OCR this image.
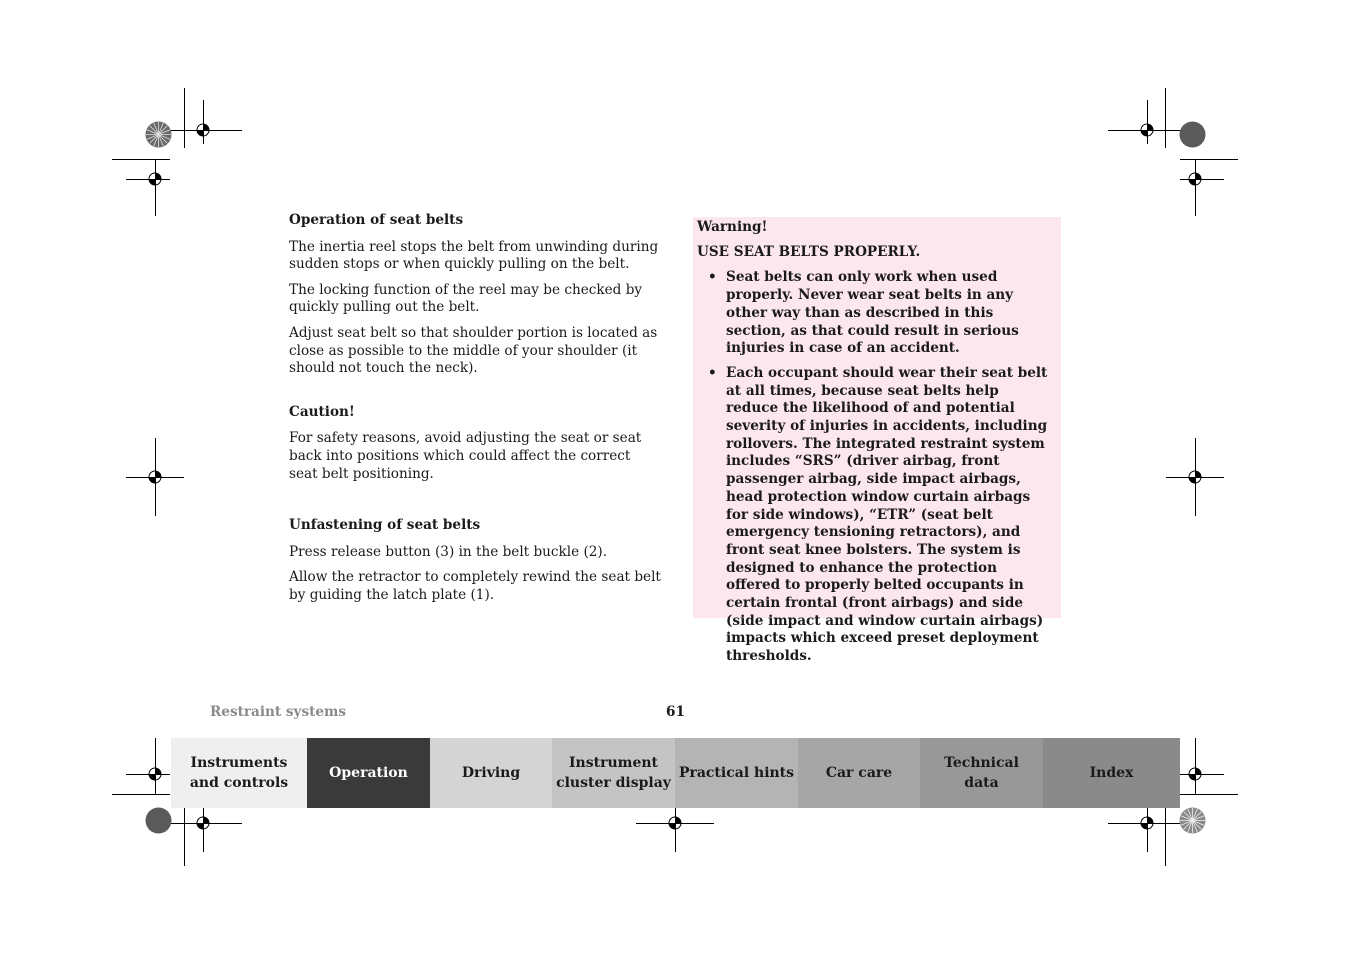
Operation of seat belts

The inertia reel stops the belt from unwinding during sudden stops or when quickly pulling on the belt.

The locking function of the reel may be checked by quickly pulling out the belt.

Adjust seat belt so that shoulder portion is located as close as possible to the middle of your shoulder (it should not touch the neck).

Caution!

For safety reasons, avoid adjusting the seat or seat back into positions which could affect the correct seat belt positioning.

Unfastening of seat belts

Press release button (3) in the belt buckle (2).

Allow the retractor to completely rewind the seat belt by guiding the latch plate (1).

Warning!
USE SEAT BELTS PROPERLY.
• Seat belts can only work when used properly. Never wear seat belts in any other way than as described in this section, as that could result in serious injuries in case of an accident.
• Each occupant should wear their seat belt at all times, because seat belts help reduce the likelihood of and potential severity of injuries in accidents, including rollovers. The integrated restraint system includes “SRS” (driver airbag, front passenger airbag, side impact airbags, head protection window curtain airbags for side windows), “ETR” (seat belt emergency tensioning retractors), and front seat knee bolsters. The system is designed to enhance the protection offered to properly belted occupants in certain frontal (front airbags) and side (side impact and window curtain airbags) impacts which exceed preset deployment thresholds.
Restraint systems	61
Instruments
and controls
Operation	Driving
Instrument
cluster display
Practical hints Car care
Technical
data
Index
